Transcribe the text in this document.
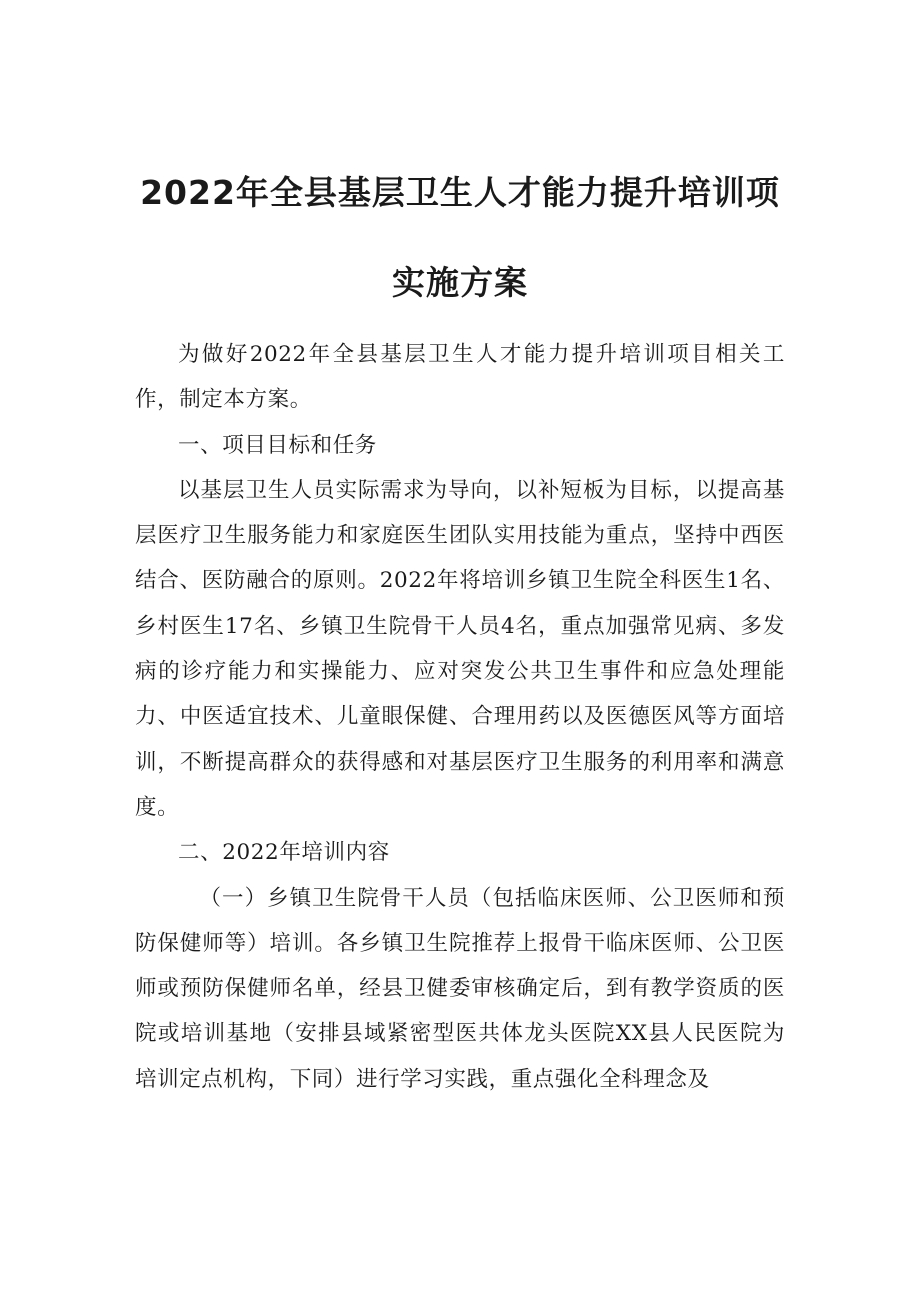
2022年全县基层卫生人才能力提升培训项
实施方案

为做好2022年全县基层卫生人才能力提升培训项目相关工作，制定本方案。

一、项目目标和任务

以基层卫生人员实际需求为导向，以补短板为目标，以提高基层医疗卫生服务能力和家庭医生团队实用技能为重点，坚持中西医结合、医防融合的原则。2022年将培训乡镇卫生院全科医生1名、乡村医生17名、乡镇卫生院骨干人员4名，重点加强常见病、多发病的诊疗能力和实操能力、应对突发公共卫生事件和应急处理能力、中医适宜技术、儿童眼保健、合理用药以及医德医风等方面培训，不断提高群众的获得感和对基层医疗卫生服务的利用率和满意度。

二、2022年培训内容

（一）乡镇卫生院骨干人员（包括临床医师、公卫医师和预防保健师等）培训。各乡镇卫生院推荐上报骨干临床医师、公卫医师或预防保健师名单，经县卫健委审核确定后，到有教学资质的医院或培训基地（安排县域紧密型医共体龙头医院XX县人民医院为培训定点机构，下同）进行学习实践，重点强化全科理念及
